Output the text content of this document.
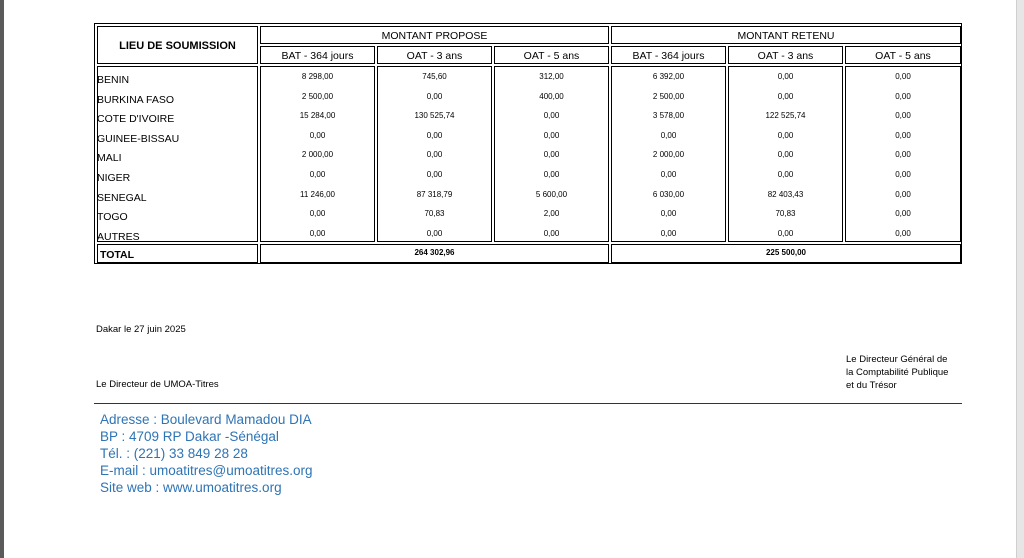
LIEU DE SOUMISSION
MONTANT PROPOSE	MONTANT RETENU
BAT - 364 jours	OAT - 3 ans	OAT - 5 ans	BAT - 364 jours	OAT - 3 ans	OAT - 5 ans
BENIN	8 298,00	745,60	312,00	6 392,00	0,00	0,00
BURKINA FASO	2 500,00	0,00	400,00	2 500,00	0,00	0,00
COTE D'IVOIRE	15 284,00	130 525,74	0,00	3 578,00	122 525,74	0,00
GUINEE-BISSAU	0,00	0,00	0,00	0,00	0,00	0,00
MALI	2 000,00	0,00	0,00	2 000,00	0,00	0,00
NIGER	0,00	0,00	0,00	0,00	0,00	0,00
SENEGAL	11 246,00	87 318,79	5 600,00	6 030,00	82 403,43	0,00
TOGO	0,00	70,83	2,00	0,00	70,83	0,00
AUTRES	0,00	0,00	0,00	0,00	0,00	0,00
TOTAL	264 302,96	225 500,00
Dakar le 27 juin 2025
Le Directeur Général de
la Comptabilité Publique
et du Trésor
Le Directeur de UMOA-Titres
Adresse : Boulevard Mamadou DIA
BP : 4709 RP Dakar -Sénégal
Tél. : (221) 33 849 28 28
E-mail : umoatitres@umoatitres.org
Site web : www.umoatitres.org
